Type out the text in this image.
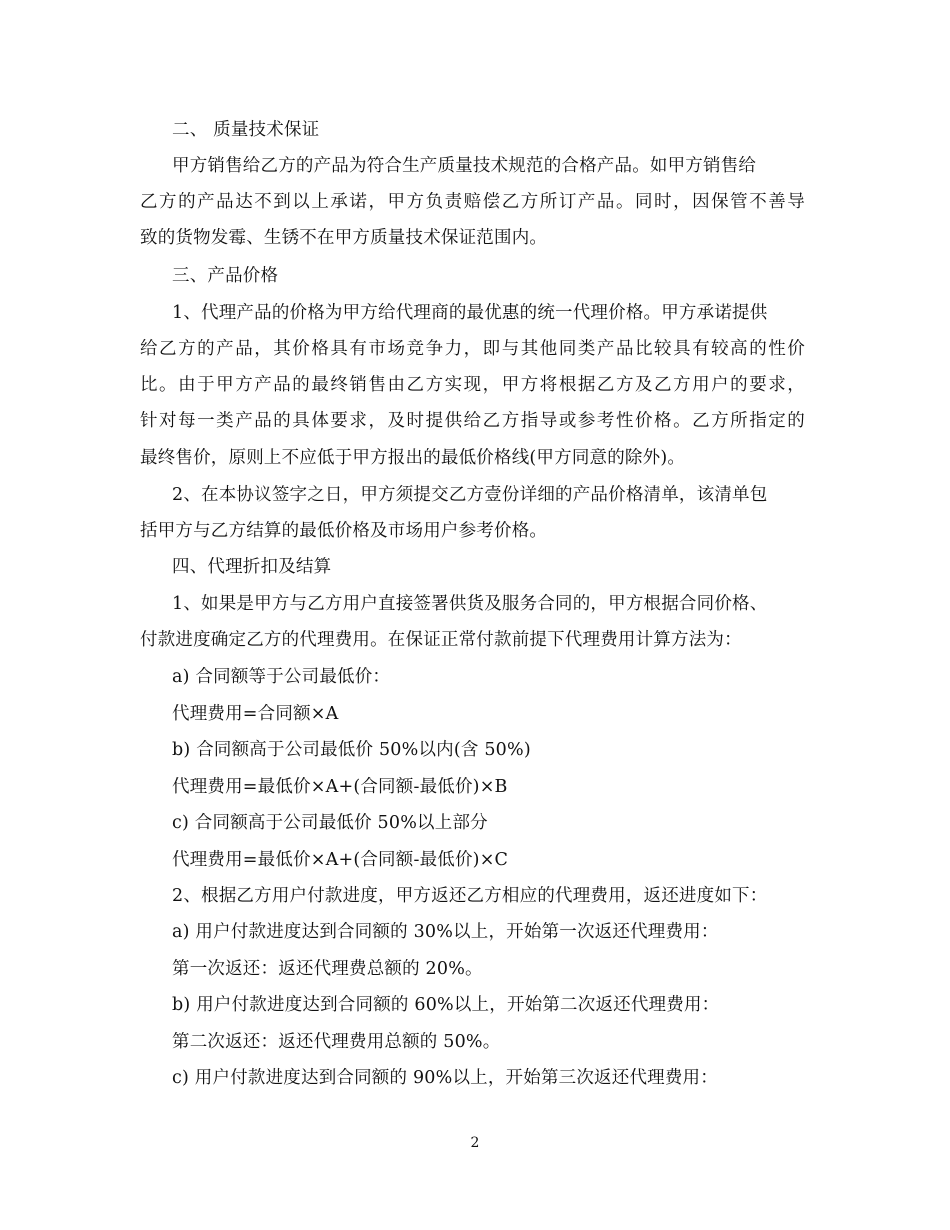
二、 质量技术保证
甲方销售给乙方的产品为符合生产质量技术规范的合格产品。如甲方销售给
乙方的产品达不到以上承诺，甲方负责赔偿乙方所订产品。同时，因保管不善导
致的货物发霉、生锈不在甲方质量技术保证范围内。
三、产品价格
1、代理产品的价格为甲方给代理商的最优惠的统一代理价格。甲方承诺提供
给乙方的产品，其价格具有市场竞争力，即与其他同类产品比较具有较高的性价
比。由于甲方产品的最终销售由乙方实现，甲方将根据乙方及乙方用户的要求，
针对每一类产品的具体要求，及时提供给乙方指导或参考性价格。乙方所指定的
最终售价，原则上不应低于甲方报出的最低价格线(甲方同意的除外)。
2、在本协议签字之日，甲方须提交乙方壹份详细的产品价格清单，该清单包
括甲方与乙方结算的最低价格及市场用户参考价格。
四、代理折扣及结算
1、如果是甲方与乙方用户直接签署供货及服务合同的，甲方根据合同价格、
付款进度确定乙方的代理费用。在保证正常付款前提下代理费用计算方法为：
a) 合同额等于公司最低价：
代理费用=合同额×A
b) 合同额高于公司最低价 50%以内(含 50%)
代理费用=最低价×A+(合同额-最低价)×B
c) 合同额高于公司最低价 50%以上部分
代理费用=最低价×A+(合同额-最低价)×C
2、根据乙方用户付款进度，甲方返还乙方相应的代理费用，返还进度如下：
a) 用户付款进度达到合同额的 30%以上，开始第一次返还代理费用：
第一次返还：返还代理费总额的 20%。
b) 用户付款进度达到合同额的 60%以上，开始第二次返还代理费用：
第二次返还：返还代理费用总额的 50%。
c) 用户付款进度达到合同额的 90%以上，开始第三次返还代理费用：
2
